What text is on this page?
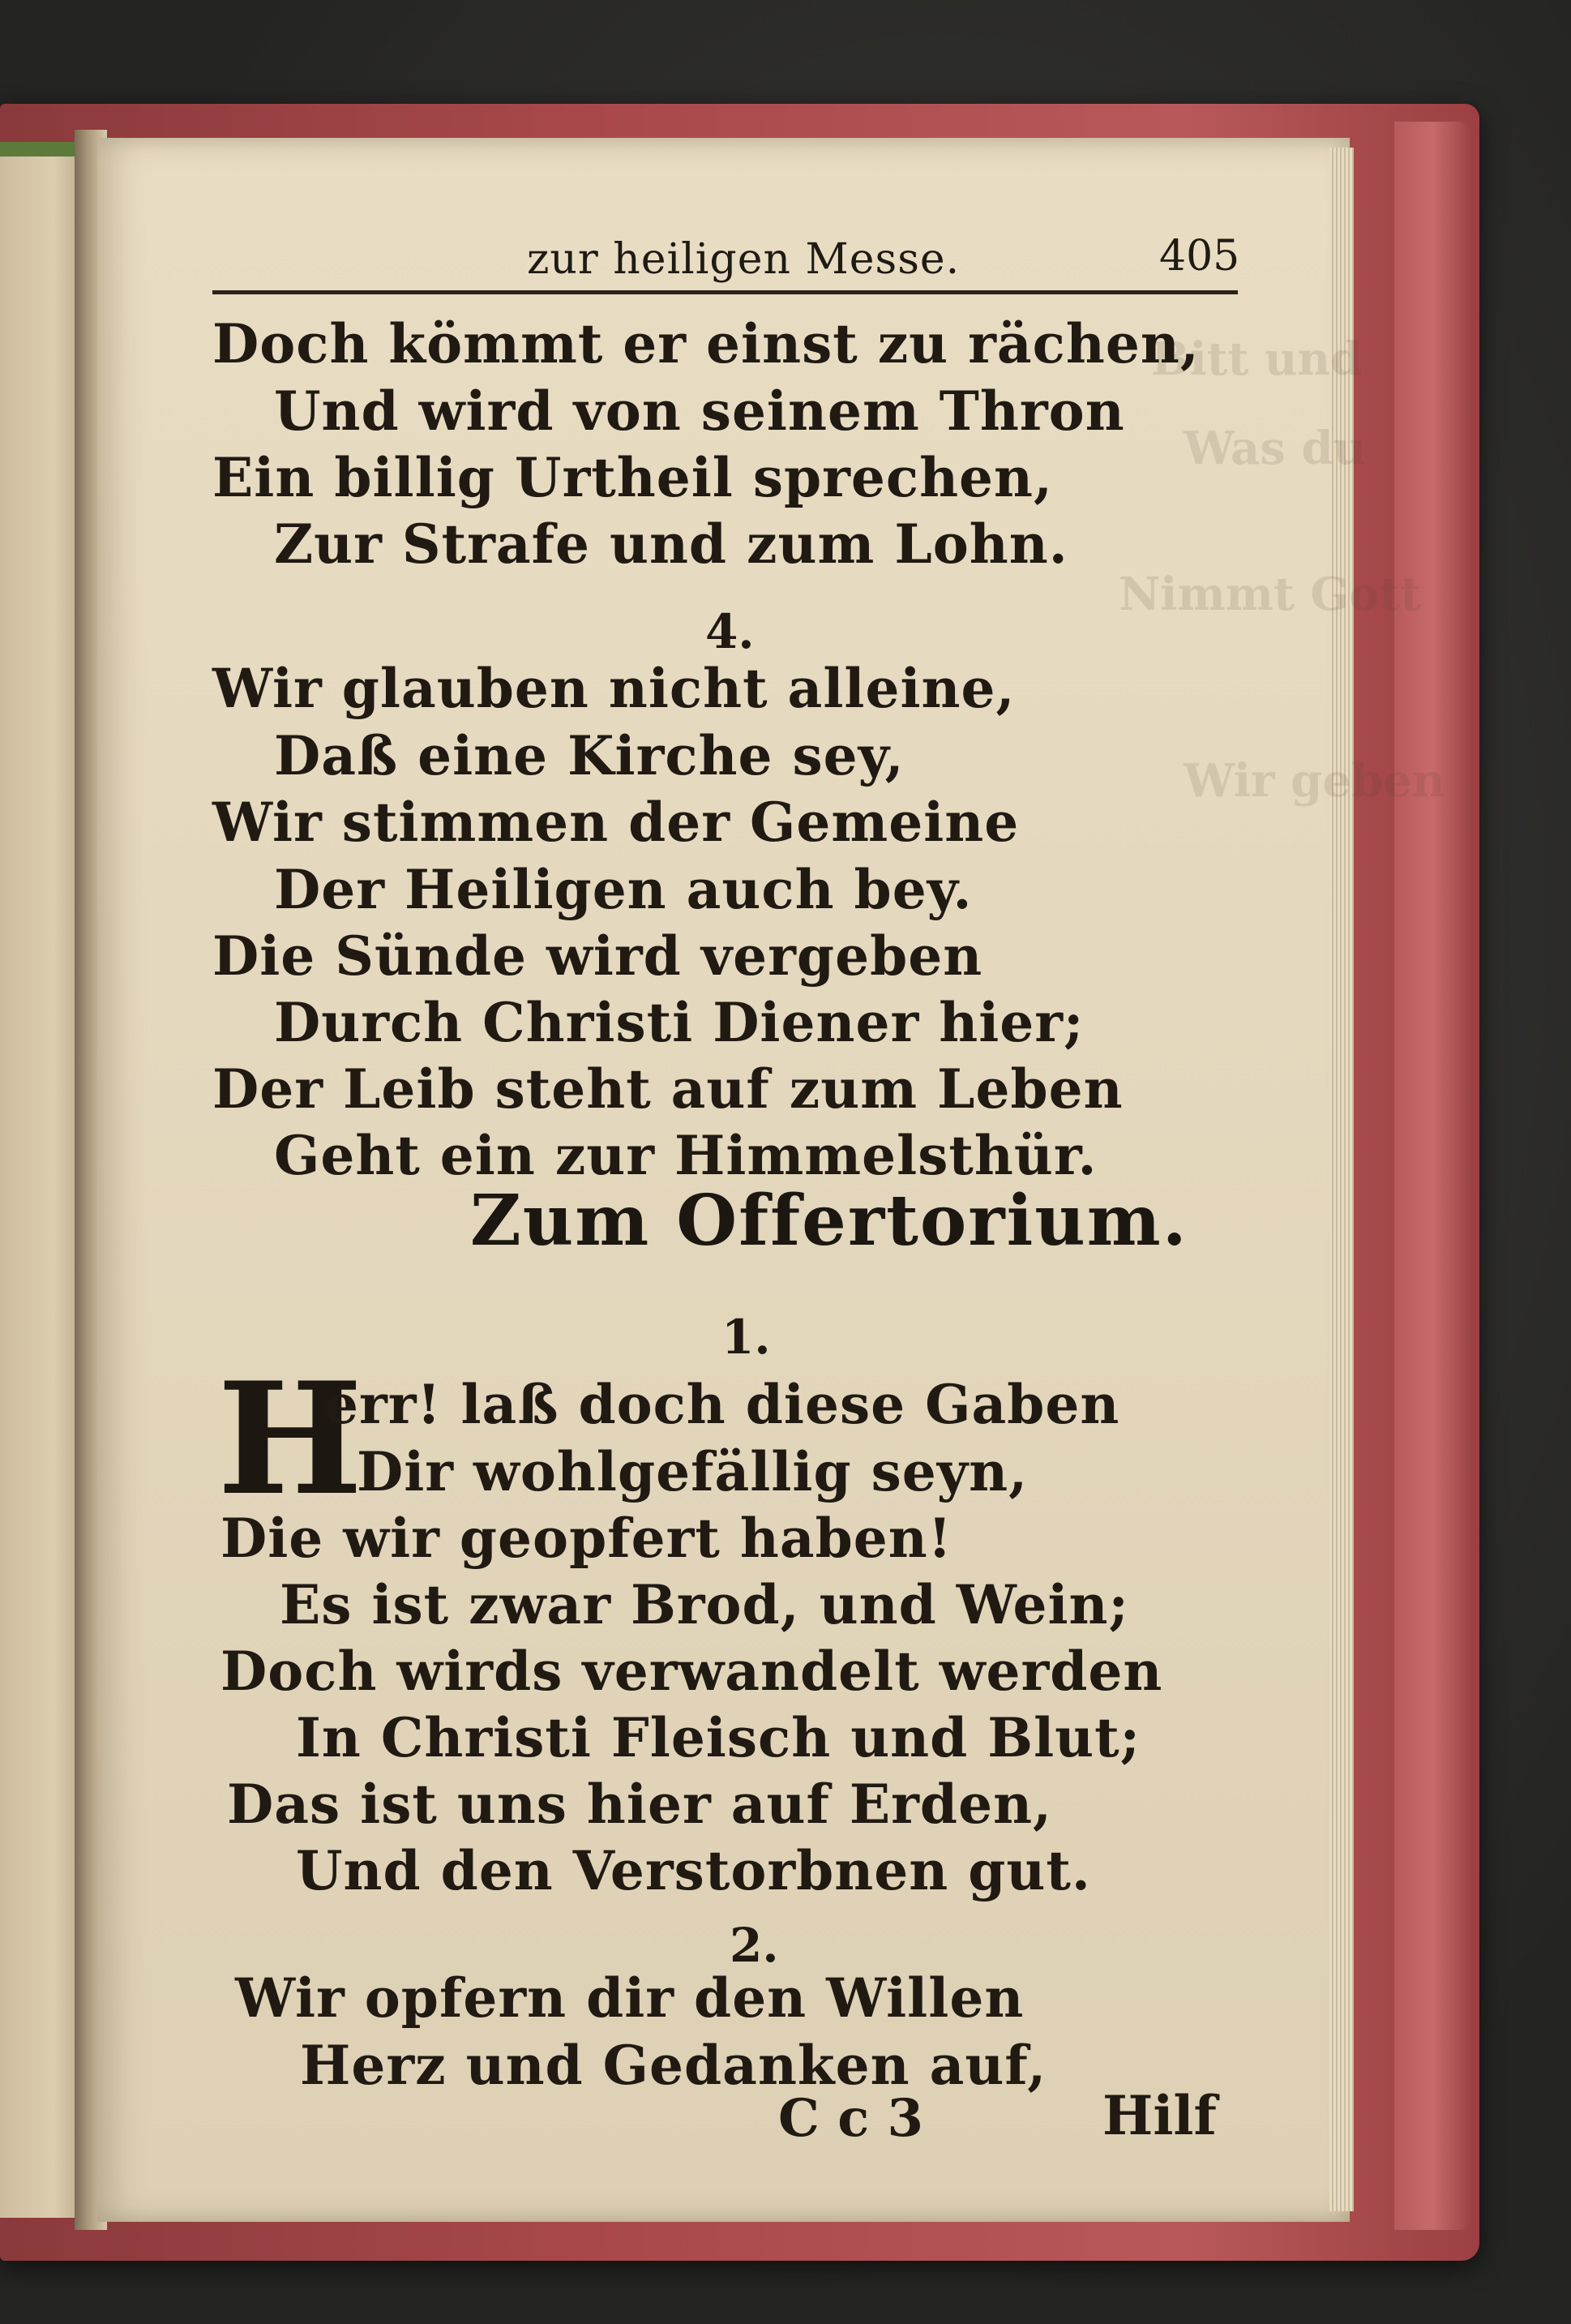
Bitt und
Was du
Nimmt Gott
Wir geben
zur heiligen Messe.	405
Doch kömmt er einst zu rächen,
Und wird von seinem Thron
Ein billig Urtheil sprechen,
Zur Strafe und zum Lohn.
4.
Wir glauben nicht alleine,
Daß eine Kirche sey,
Wir stimmen der Gemeine
Der Heiligen auch bey.
Die Sünde wird vergeben
Durch Christi Diener hier;
Der Leib steht auf zum Leben
Geht ein zur Himmelsthür.
Zum Offertorium.
1.
H
err! laß doch diese Gaben
Dir wohlgefällig seyn,
Die wir geopfert haben!
Es ist zwar Brod, und Wein;
Doch wirds verwandelt werden
In Christi Fleisch und Blut;
Das ist uns hier auf Erden,
Und den Verstorbnen gut.
2.
Wir opfern dir den Willen
Herz und Gedanken auf,
C c 3	Hilf
